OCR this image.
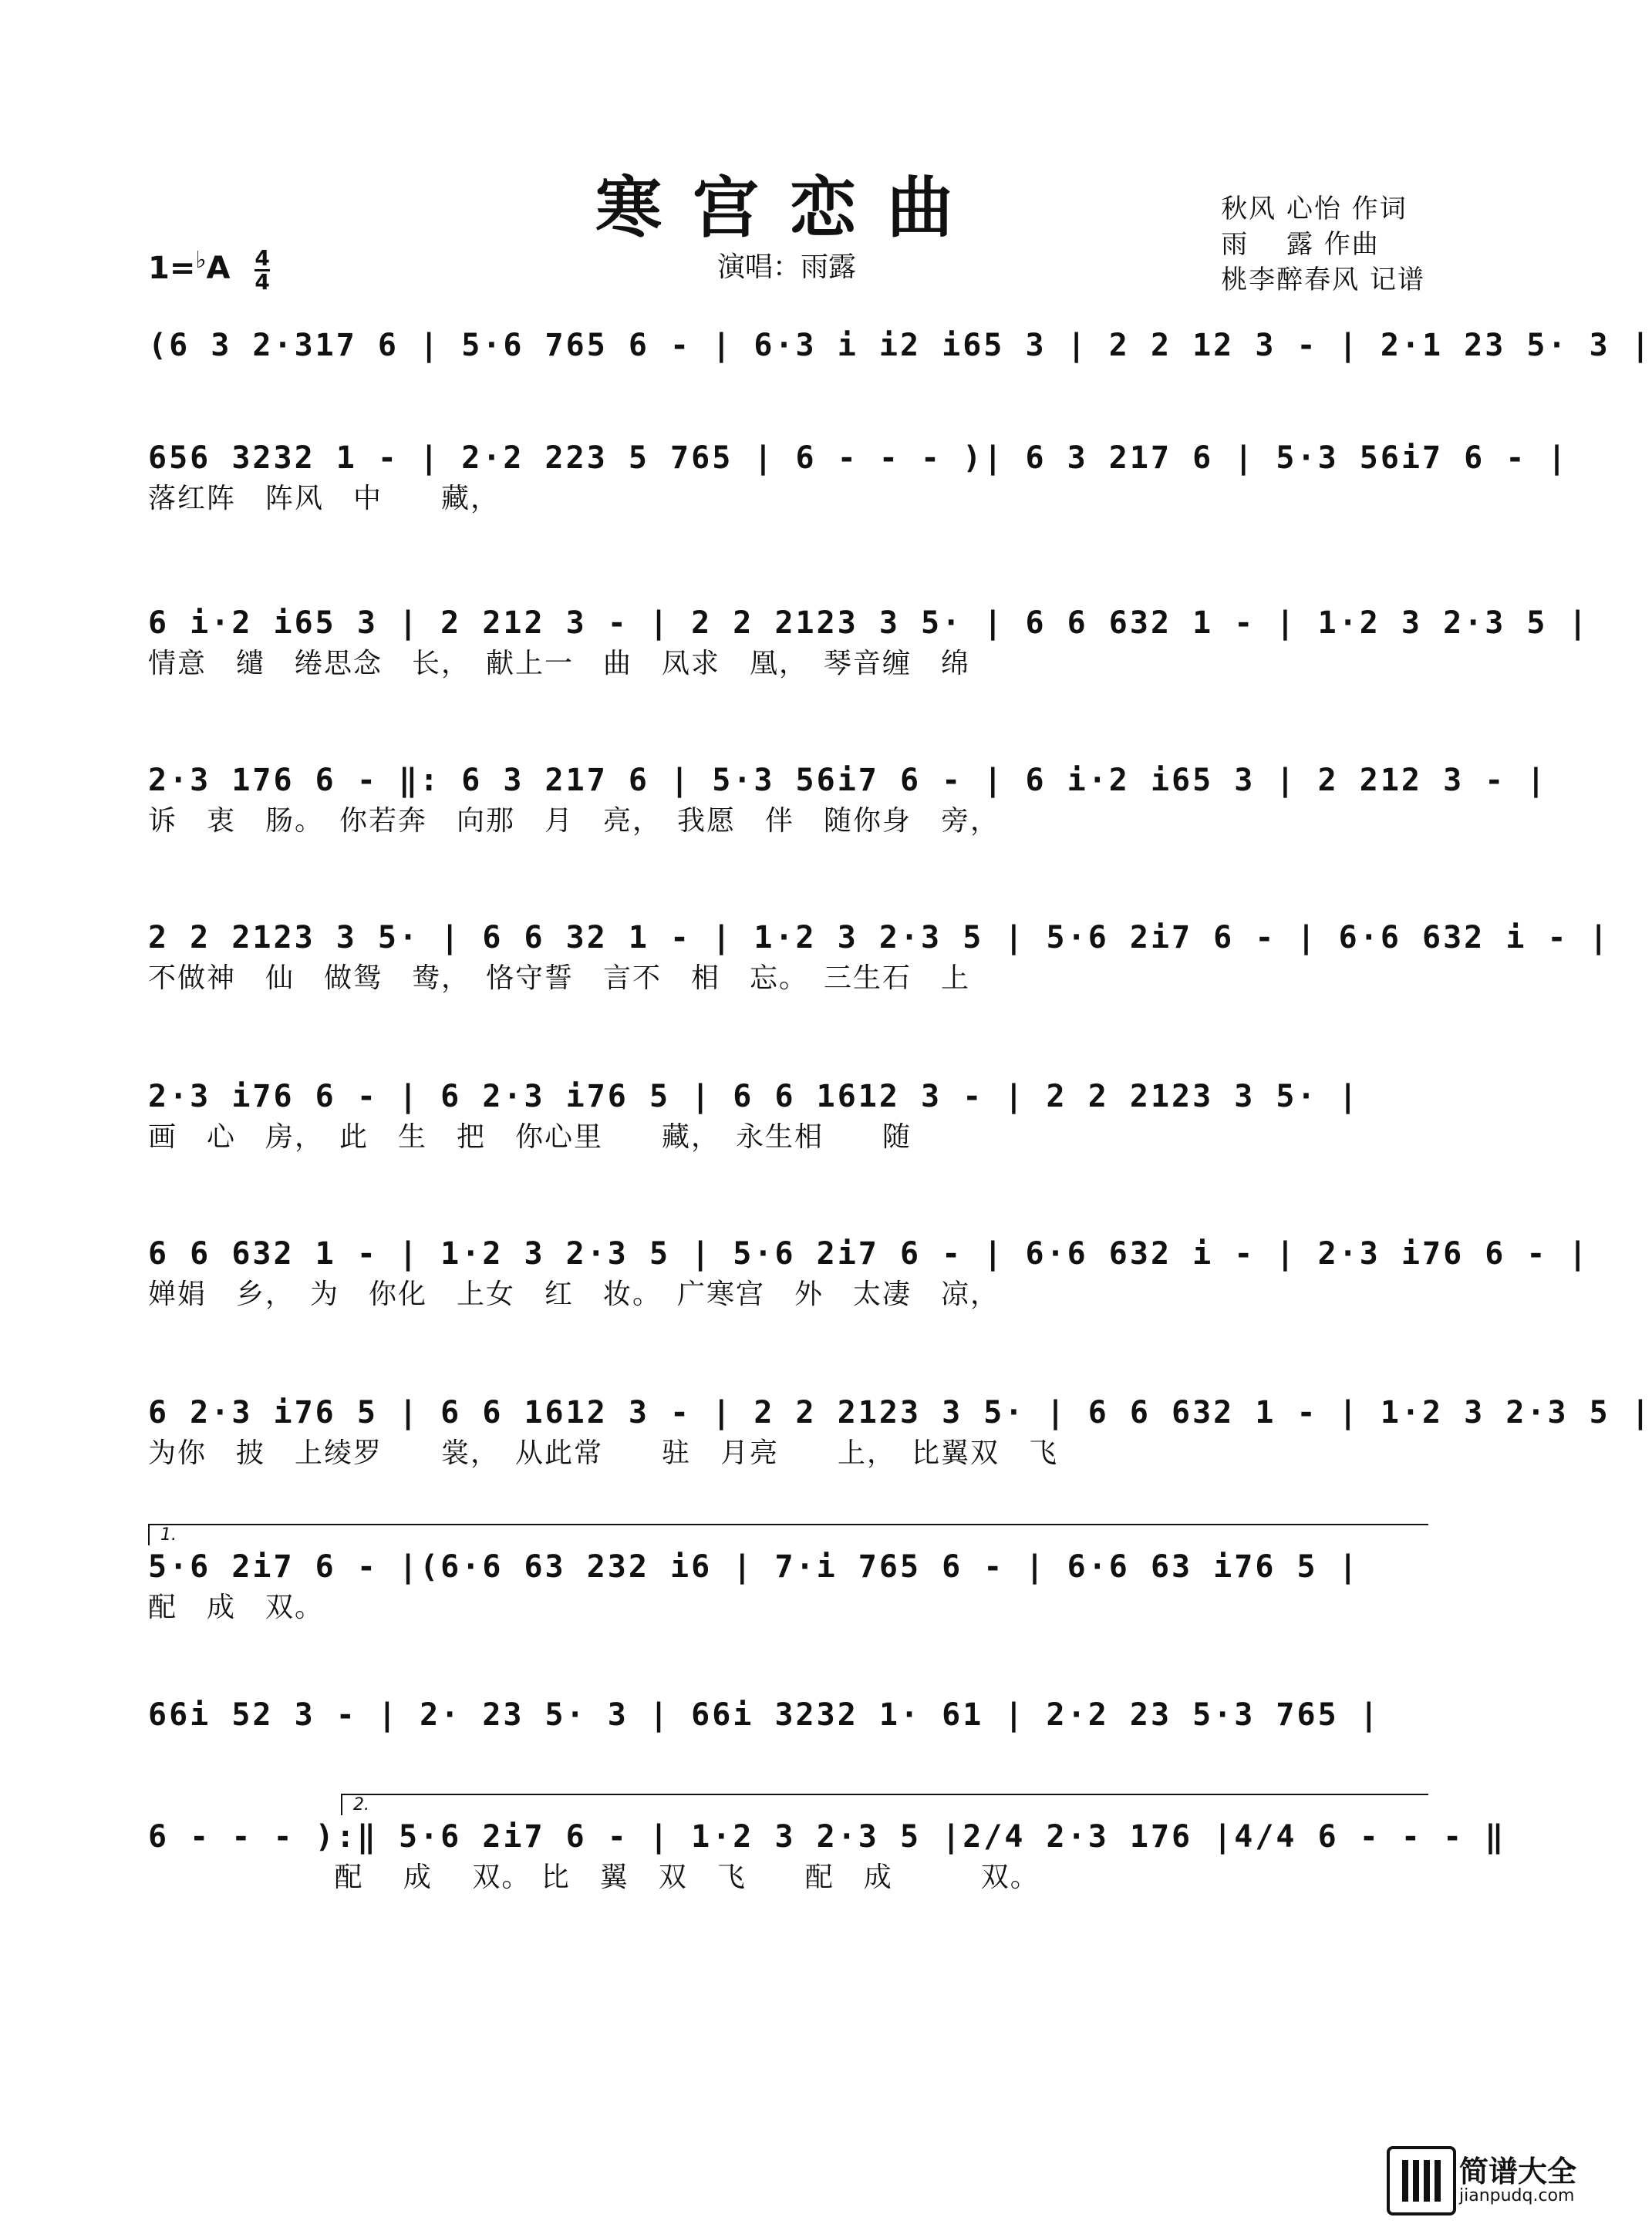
寒宫恋曲	秋风 心怡 作词
雨　 露 作曲
桃李醉春风 记谱
$1=^♭A \frac{4}{4}$	演唱：雨露
(6 3 2·317 6 | 5·6 765 6 - | 6·3 i i2 i65 3 | 2 2 12 3 - | 2·1 23 5· 3 |
656 3232 1 - | 2·2 223 5 765 | 6 - - - )| 6 3 217 6 | 5·3 56i7 6 - |
落红阵　阵风　中　　藏，
6 i·2 i65 3 | 2 212 3 - | 2 2 2123 3 5· | 6 6 632 1 - | 1·2 3 2·3 5 |
情意　缱　绻思念　长，　献上一　曲　凤求　凰，　琴音缠　绵
2·3 176 6 - ‖: 6 3 217 6 | 5·3 56i7 6 - | 6 i·2 i65 3 | 2 212 3 - |
诉　衷　肠。　你若奔　向那　月　亮，　我愿　伴　随你身　旁，
2 2 2123 3 5· | 6 6 32 1 - | 1·2 3 2·3 5 | 5·6 2i7 6 - | 6·6 632 i - |
不做神　仙　做鸳　鸯，　恪守誓　言不　相　忘。　三生石　上
2·3 i76 6 - | 6 2·3 i76 5 | 6 6 1612 3 - | 2 2 2123 3 5· |
画　心　房，　此　生　把　你心里　　藏，　永生相　　随
6 6 632 1 - | 1·2 3 2·3 5 | 5·6 2i7 6 - | 6·6 632 i - | 2·3 i76 6 - |
婵娟　乡，　为　你化　上女　红　妆。　广寒宫　外　太凄　凉，
6 2·3 i76 5 | 6 6 1612 3 - | 2 2 2123 3 5· | 6 6 632 1 - | 1·2 3 2·3 5 |
为你　披　上绫罗　　裳，　从此常　　驻　月亮　　上，　比翼双　飞
1.
5·6 2i7 6 - |(6·6 63 232 i6 | 7·i 765 6 - | 6·6 63 i76 5 |
配　成　双。
66i 52 3 - | 2· 23 5· 3 | 66i 3232 1· 61 | 2·2 23 5·3 765 |
2.
6 - - - ):‖ 5·6 2i7 6 - | 1·2 3 2·3 5 |2/4 2·3 176 |4/4 6 - - - ‖
　　　　　　 配　 成　 双。 比　翼　双　飞　　配　成　　　双。
简谱大全
jianpudq.com
